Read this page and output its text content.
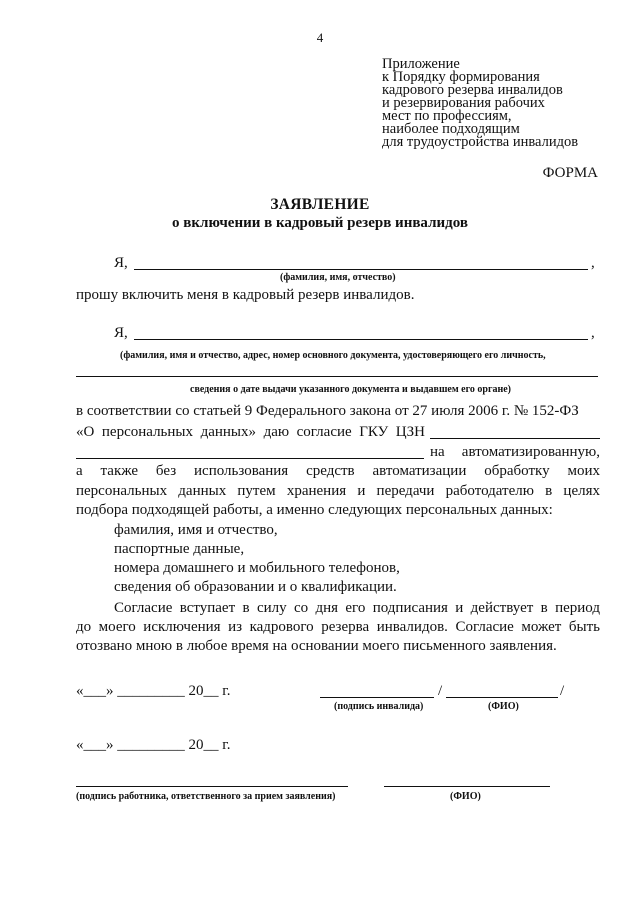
4
Приложение
к Порядку формирования
кадрового резерва инвалидов
и резервирования рабочих
мест по профессиям,
наиболее подходящим
для трудоустройства инвалидов
ФОРМА
ЗАЯВЛЕНИЕ
о включении в кадровый резерв инвалидов
Я,	,
(фамилия, имя, отчество)
прошу включить меня в кадровый резерв инвалидов.
Я,	,
(фамилия, имя и отчество, адрес, номер основного документа, удостоверяющего его личность,
сведения о дате выдачи указанного документа и выдавшем его органе)
в соответствии со статьей 9 Федерального закона от 27 июля 2006 г. № 152-ФЗ
«О персональных данных» даю согласие ГКУ ЦЗН
на автоматизированную,
а также без использования средств автоматизации обработку моих
персональных данных путем хранения и передачи работодателю в целях
подбора подходящей работы, а именно следующих персональных данных:
фамилия, имя и отчество,
паспортные данные,
номера домашнего и мобильного телефонов,
сведения об образовании и о квалификации.
Согласие вступает в силу со дня его подписания и действует в период
до моего исключения из кадрового резерва инвалидов. Согласие может быть
отозвано мною в любое время на основании моего письменного заявления.
«___» _________ 20__ г.	/	/
(подпись инвалида)	(ФИО)
«___» _________ 20__ г.
(подпись работника, ответственного за прием заявления)	(ФИО)
